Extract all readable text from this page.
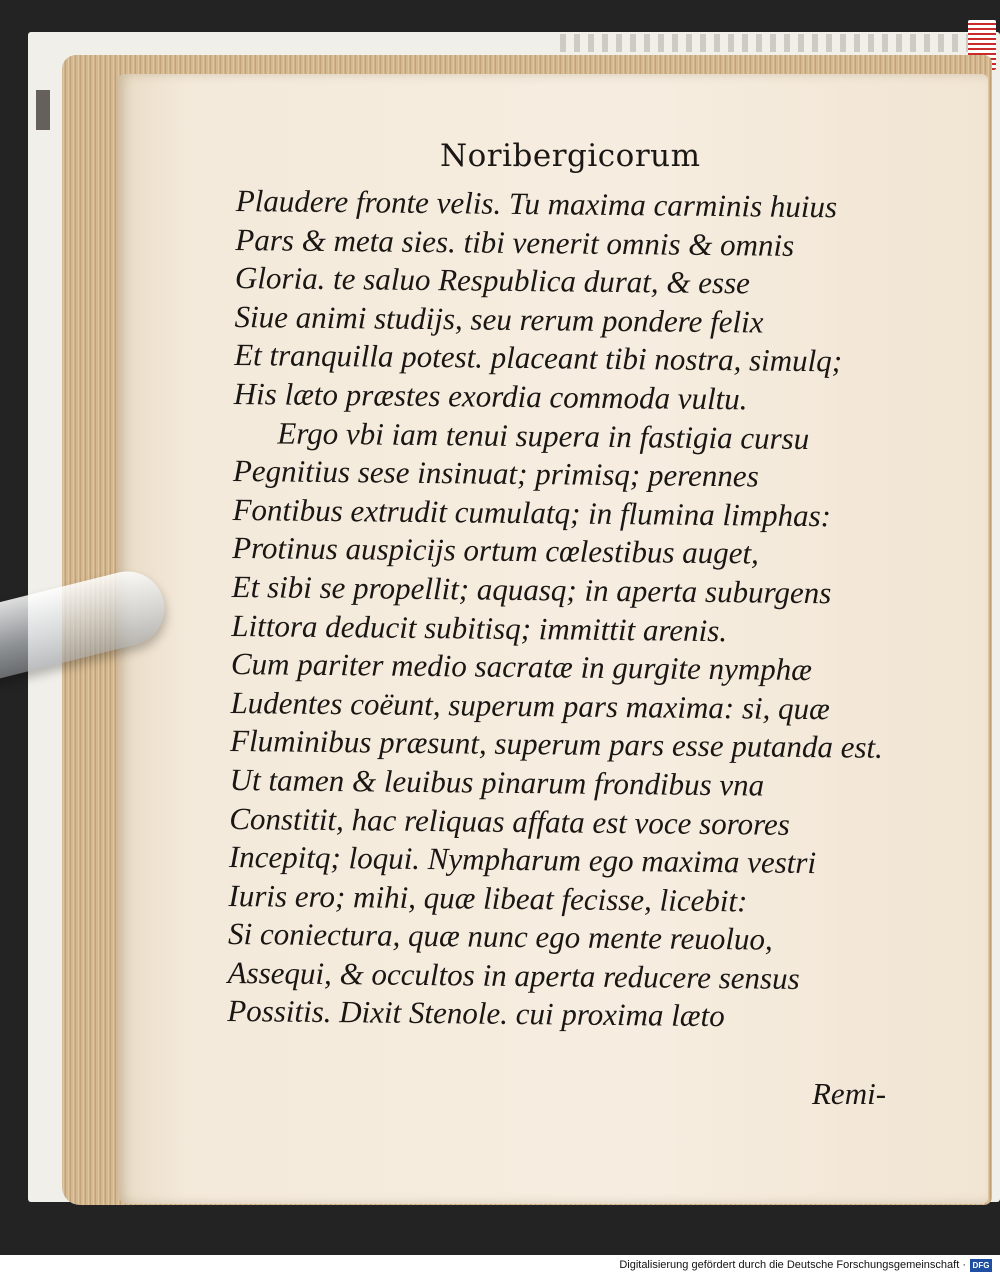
Noribergicorum
Plaudere fronte velis. Tu maxima carminis huius
Pars & meta sies. tibi venerit omnis & omnis
Gloria. te saluo Respublica durat, & esse
Siue animi studijs, seu rerum pondere felix
Et tranquilla potest. placeant tibi nostra, simulq;
His læto præstes exordia commoda vultu.
Ergo vbi iam tenui supera in fastigia cursu
Pegnitius sese insinuat; primisq; perennes
Fontibus extrudit cumulatq; in flumina limphas:
Protinus auspicijs ortum cœlestibus auget,
Et sibi se propellit; aquasq; in aperta suburgens
Littora deducit subitisq; immittit arenis.
Cum pariter medio sacratæ in gurgite nymphæ
Ludentes coëunt, superum pars maxima: si, quæ
Fluminibus præsunt, superum pars esse putanda est.
Ut tamen & leuibus pinarum frondibus vna
Constitit, hac reliquas affata est voce sorores
Incepitq; loqui. Nympharum ego maxima vestri
Iuris ero; mihi, quæ libeat fecisse, licebit:
Si coniectura, quæ nunc ego mente reuoluo,
Assequi, & occultos in aperta reducere sensus
Possitis. Dixit Stenole. cui proxima læto
Remi-
Digitalisierung gefördert durch die Deutsche Forschungsgemeinschaft · DFG
